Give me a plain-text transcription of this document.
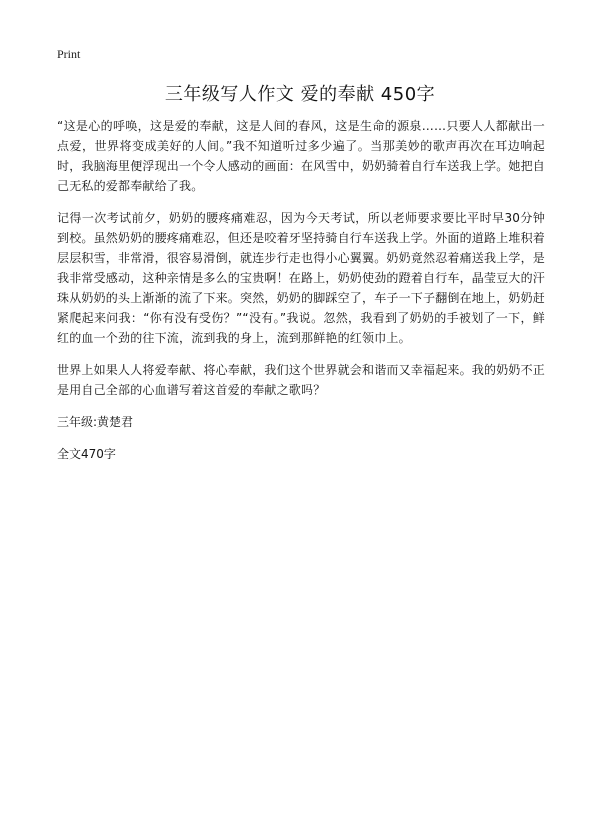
Print
三年级写人作文 爱的奉献 450字

“这是心的呼唤，这是爱的奉献，这是人间的春风，这是生命的源泉……只要人人都献出一点爱，世界将变成美好的人间。”我不知道听过多少遍了。当那美妙的歌声再次在耳边响起时，我脑海里便浮现出一个令人感动的画面：在风雪中，奶奶骑着自行车送我上学。她把自己无私的爱都奉献给了我。

记得一次考试前夕，奶奶的腰疼痛难忍，因为今天考试，所以老师要求要比平时早30分钟到校。虽然奶奶的腰疼痛难忍，但还是咬着牙坚持骑自行车送我上学。外面的道路上堆积着层层积雪，非常滑，很容易滑倒，就连步行走也得小心翼翼。奶奶竟然忍着痛送我上学，是我非常受感动，这种亲情是多么的宝贵啊！在路上，奶奶使劲的蹬着自行车，晶莹豆大的汗珠从奶奶的头上渐渐的流了下来。突然，奶奶的脚踩空了，车子一下子翻倒在地上，奶奶赶紧爬起来问我：“你有没有受伤？”“没有。”我说。忽然，我看到了奶奶的手被划了一下，鲜红的血一个劲的往下流，流到我的身上，流到那鲜艳的红领巾上。

世界上如果人人将爱奉献、将心奉献，我们这个世界就会和谐而又幸福起来。我的奶奶不正是用自己全部的心血谱写着这首爱的奉献之歌吗？

三年级:黄楚君

全文470字
